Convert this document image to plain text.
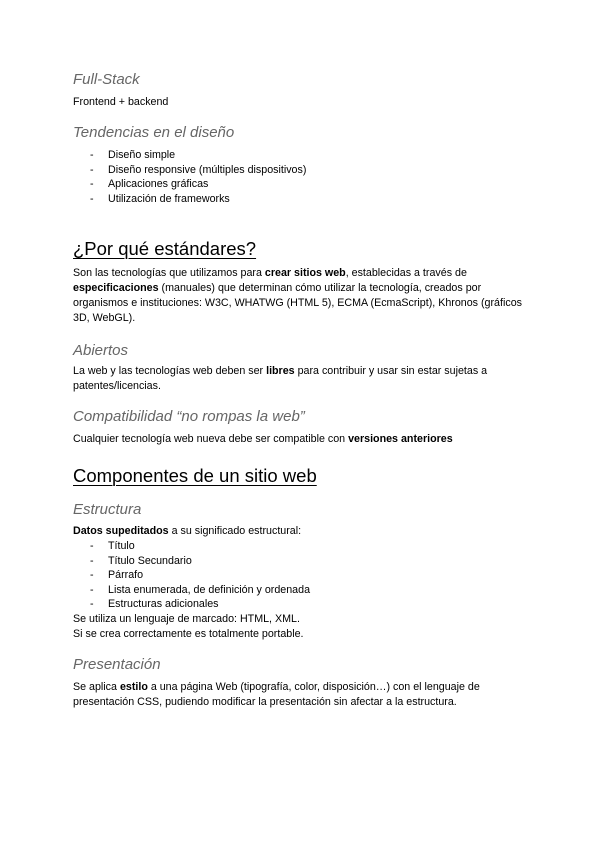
Full-Stack
Frontend + backend
Tendencias en el diseño
- Diseño simple
- Diseño responsive (múltiples dispositivos)
- Aplicaciones gráficas
- Utilización de frameworks
¿Por qué estándares?

Son las tecnologías que utilizamos para crear sitios web, establecidas a través de especificaciones (manuales) que determinan cómo utilizar la tecnología, creados por organismos e instituciones: W3C, WHATWG (HTML 5), ECMA (EcmaScript), Khronos (gráficos 3D, WebGL).

Abiertos

La web y las tecnologías web deben ser libres para contribuir y usar sin estar sujetas a patentes/licencias.

Compatibilidad “no rompas la web”

Cualquier tecnología web nueva debe ser compatible con versiones anteriores

Componentes de un sitio web
Estructura

Datos supeditados a su significado estructural:

- Título
- Título Secundario
- Párrafo
- Lista enumerada, de definición y ordenada
- Estructuras adicionales
Se utiliza un lenguaje de marcado: HTML, XML.
Si se crea correctamente es totalmente portable.
Presentación

Se aplica estilo a una página Web (tipografía, color, disposición…) con el lenguaje de presentación CSS, pudiendo modificar la presentación sin afectar a la estructura.
